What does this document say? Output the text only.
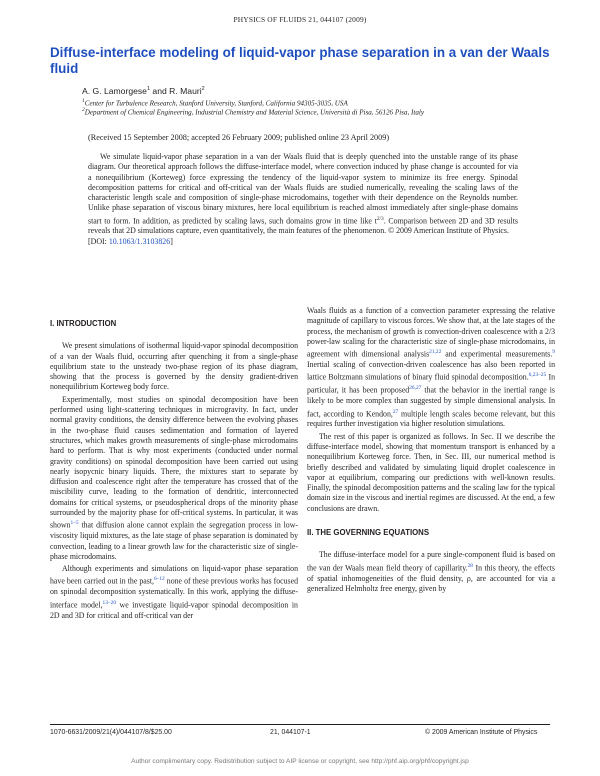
PHYSICS OF FLUIDS 21, 044107 (2009)
Diffuse-interface modeling of liquid-vapor phase separation in a van der Waals fluid
A. G. Lamorgese$^1$ and R. Mauri$^2$
$^1$Center for Turbulence Research, Stanford University, Stanford, California 94305-3035, USA
$^2$Department of Chemical Engineering, Industrial Chemistry and Material Science, Università di Pisa, 56126 Pisa, Italy
(Received 15 September 2008; accepted 26 February 2009; published online 23 April 2009)

We simulate liquid-vapor phase separation in a van der Waals fluid that is deeply quenched into the unstable range of its phase diagram. Our theoretical approach follows the diffuse-interface model, where convection induced by phase change is accounted for via a nonequilibrium (Korteweg) force expressing the tendency of the liquid-vapor system to minimize its free energy. Spinodal decomposition patterns for critical and off-critical van der Waals fluids are studied numerically, revealing the scaling laws of the characteristic length scale and composition of single-phase microdomains, together with their dependence on the Reynolds number. Unlike phase separation of viscous binary mixtures, here local equilibrium is reached almost immediately after single-phase domains start to form. In addition, as predicted by scaling laws, such domains grow in time like $t^{2/3}$. Comparison between 2D and 3D results reveals that 2D simulations capture, even quantitatively, the main features of the phenomenon. © 2009 American Institute of Physics.

[DOI: 10.1063/1.3103826]
I. INTRODUCTION

We present simulations of isothermal liquid-vapor spinodal decomposition of a van der Waals fluid, occurring after quenching it from a single-phase equilibrium state to the unsteady two-phase region of its phase diagram, showing that the process is governed by the density gradient-driven nonequilibrium Korteweg body force.

Experimentally, most studies on spinodal decomposition have been performed using light-scattering techniques in microgravity. In fact, under normal gravity conditions, the density difference between the evolving phases in the two-phase fluid causes sedimentation and formation of layered structures, which makes growth measurements of single-phase microdomains hard to perform. That is why most experiments (conducted under normal gravity conditions) on spinodal decomposition have been carried out using nearly isopycnic binary liquids. There, the mixtures start to separate by diffusion and coalescence right after the temperature has crossed that of the miscibility curve, leading to the formation of dendritic, interconnected domains for critical systems, or pseudospherical drops of the minority phase surrounded by the majority phase for off-critical systems. In particular, it was shown$^{1-5}$ that diffusion alone cannot explain the segregation process in low-viscosity liquid mixtures, as the late stage of phase separation is dominated by convection, leading to a linear growth law for the characteristic size of single-phase microdomains.

Although experiments and simulations on liquid-vapor phase separation have been carried out in the past,$^{6-12}$ none of these previous works has focused on spinodal decomposition systematically. In this work, applying the diffuse-interface model,$^{13-20}$ we investigate liquid-vapor spinodal decomposition in 2D and 3D for critical and off-critical van der

Waals fluids as a function of a convection parameter expressing the relative magnitude of capillary to viscous forces. We show that, at the late stages of the process, the mechanism of growth is convection-driven coalescence with a 2/3 power-law scaling for the characteristic size of single-phase microdomains, in agreement with dimensional analysis$^{21,22}$ and experimental measurements.$^9$ Inertial scaling of convection-driven coalescence has also been reported in lattice Boltzmann simulations of binary fluid spinodal decomposition.$^{6,23-25}$ In particular, it has been proposed$^{26,27}$ that the behavior in the inertial range is likely to be more complex than suggested by simple dimensional analysis. In fact, according to Kendon,$^{27}$ multiple length scales become relevant, but this requires further investigation via higher resolution simulations.

The rest of this paper is organized as follows. In Sec. II we describe the diffuse-interface model, showing that momentum transport is enhanced by a nonequilibrium Korteweg force. Then, in Sec. III, our numerical method is briefly described and validated by simulating liquid droplet coalescence in vapor at equilibrium, comparing our predictions with well-known results. Finally, the spinodal decomposition patterns and the scaling law for the typical domain size in the viscous and inertial regimes are discussed. At the end, a few conclusions are drawn.

II. THE GOVERNING EQUATIONS

The diffuse-interface model for a pure single-component fluid is based on the van der Waals mean field theory of capillarity.$^{28}$ In this theory, the effects of spatial inhomogeneities of the fluid density, ρ, are accounted for via a generalized Helmholtz free energy, given by

1070-6631/2009/21(4)/044107/8/$25.00	21, 044107-1	© 2009 American Institute of Physics
Author complimentary copy. Redistribution subject to AIP license or copyright, see http://phf.aip.org/phf/copyright.jsp
